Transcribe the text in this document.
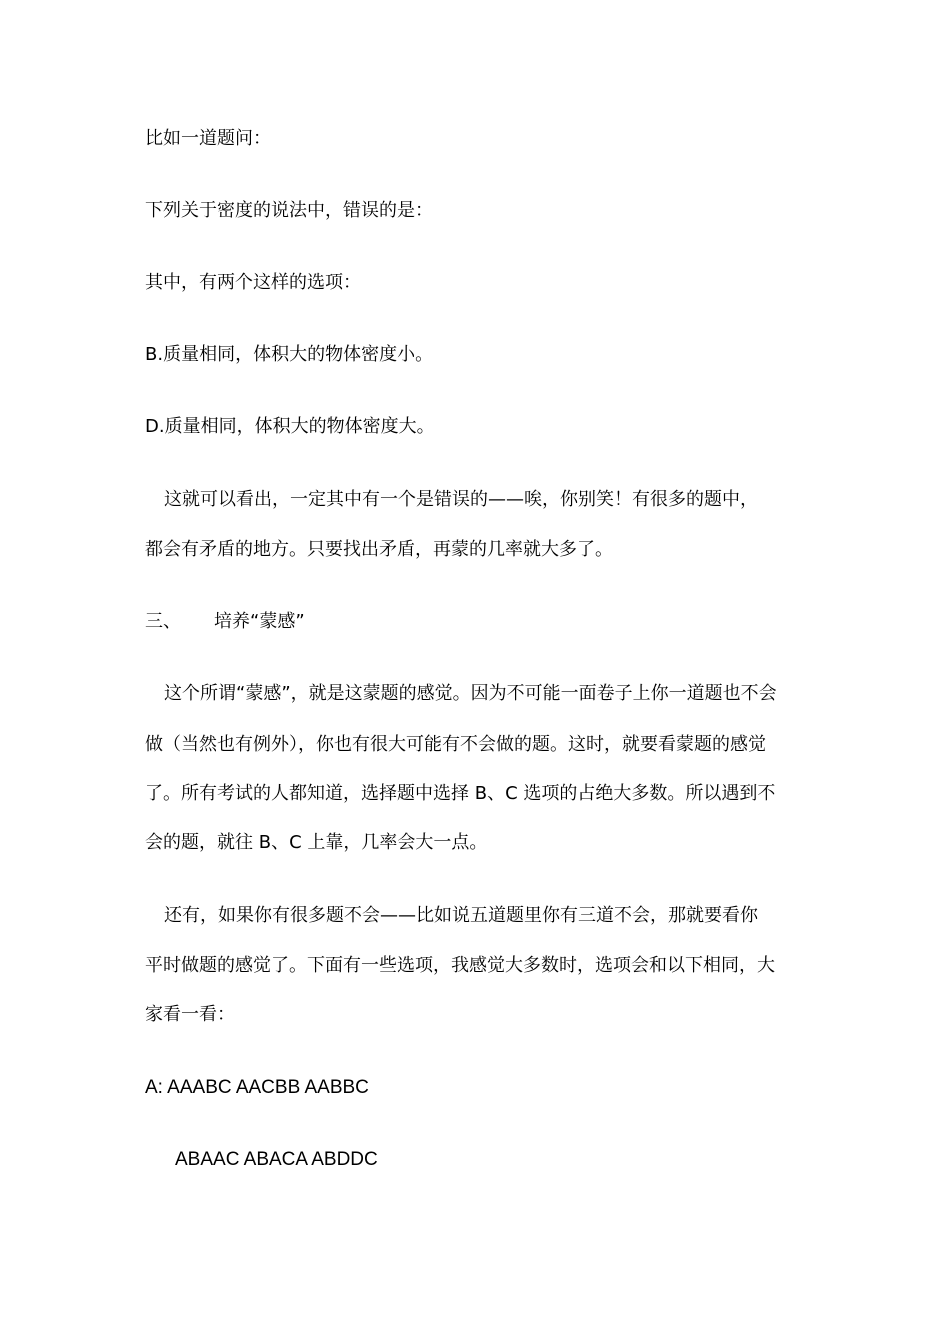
比如一道题问：
下列关于密度的说法中，错误的是：
其中，有两个这样的选项：
B.质量相同，体积大的物体密度小。
D.质量相同，体积大的物体密度大。
这就可以看出，一定其中有一个是错误的——唉，你别笑！有很多的题中，
都会有矛盾的地方。只要找出矛盾，再蒙的几率就大多了。
三、 培养“蒙感”
这个所谓“蒙感”，就是这蒙题的感觉。因为不可能一面卷子上你一道题也不会
做（当然也有例外），你也有很大可能有不会做的题。这时，就要看蒙题的感觉
了。所有考试的人都知道，选择题中选择 B、C 选项的占绝大多数。所以遇到不
会的题，就往 B、C 上靠，几率会大一点。
还有，如果你有很多题不会——比如说五道题里你有三道不会，那就要看你
平时做题的感觉了。下面有一些选项，我感觉大多数时，选项会和以下相同，大
家看一看：
A: AAABC AACBB AABBC
ABAAC ABACA ABDDC
